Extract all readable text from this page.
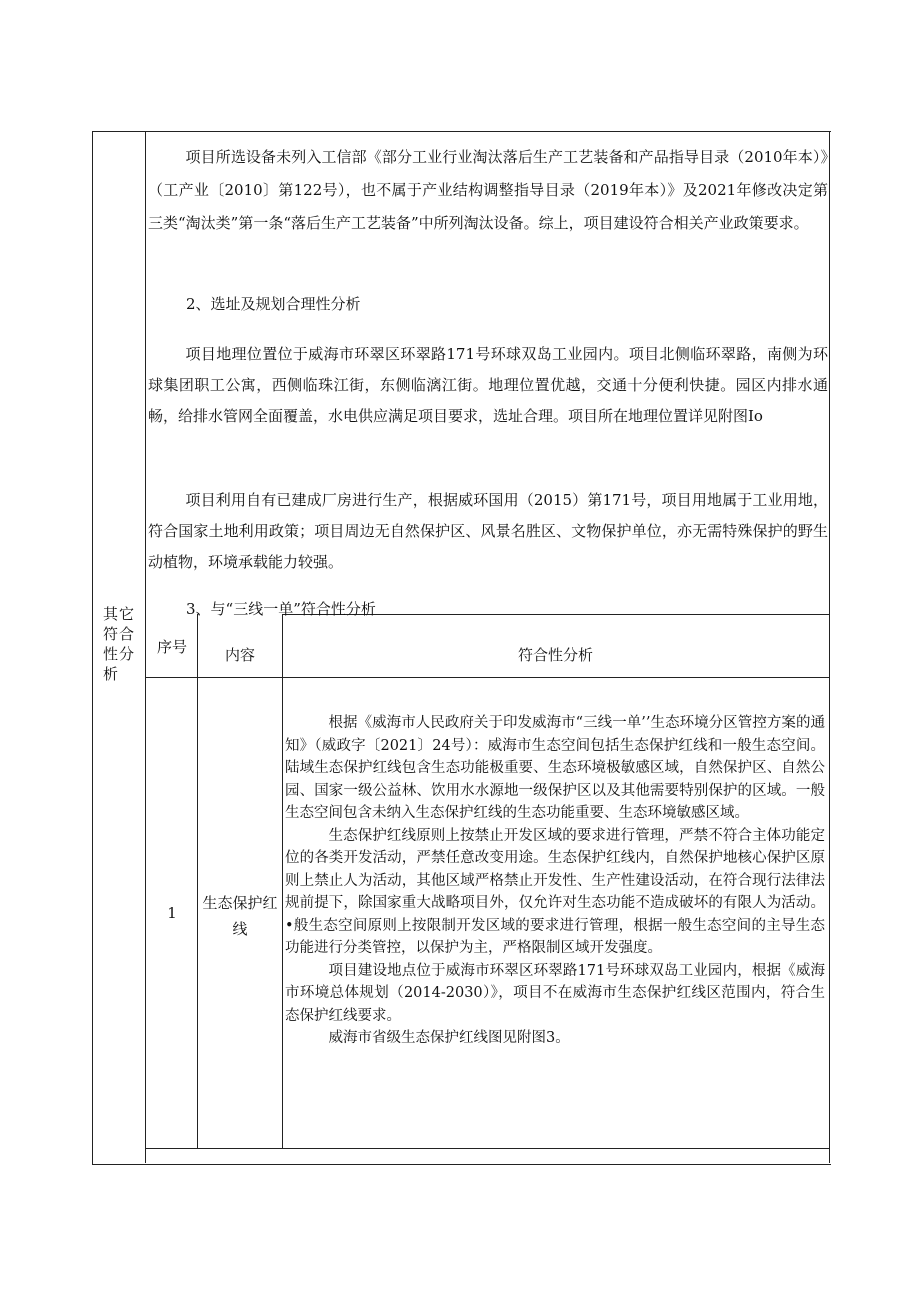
其它符合性分析

项目所选设备未列入工信部《部分工业行业淘汰落后生产工艺装备和产品指导目录（2010年本）》（工产业〔2010〕第122号），也不属于产业结构调整指导目录（2019年本）》及2021年修改决定第三类“淘汰类”第一条“落后生产工艺装备”中所列淘汰设备。综上，项目建设符合相关产业政策要求。

2、选址及规划合理性分析

项目地理位置位于威海市环翠区环翠路171号环球双岛工业园内。项目北侧临环翠路，南侧为环球集团职工公寓，西侧临珠江街，东侧临漓江街。地理位置优越，交通十分便利快捷。园区内排水通畅，给排水管网全面覆盖，水电供应满足项目要求，选址合理。项目所在地理位置详见附图Io

项目利用自有已建成厂房进行生产，根据威环国用（2015）第171号，项目用地属于工业用地，符合国家土地利用政策；项目周边无自然保护区、风景名胜区、文物保护单位，亦无需特殊保护的野生动植物，环境承载能力较强。

3、与“三线一单”符合性分析

序号	内容	符合性分析
1
生态保护红线

根据《威海市人民政府关于印发威海市“三线一单’’生态环境分区管控方案的通知》（威政字〔2021〕24号）：威海市生态空间包括生态保护红线和一般生态空间。陆域生态保护红线包含生态功能极重要、生态环境极敏感区域，自然保护区、自然公园、国家一级公益林、饮用水水源地一级保护区以及其他需要特别保护的区域。一般生态空间包含未纳入生态保护红线的生态功能重要、生态环境敏感区域。

生态保护红线原则上按禁止开发区域的要求进行管理，严禁不符合主体功能定位的各类开发活动，严禁任意改变用途。生态保护红线内，自然保护地核心保护区原则上禁止人为活动，其他区域严格禁止开发性、生产性建设活动，在符合现行法律法规前提下，除国家重大战略项目外，仅允许对生态功能不造成破坏的有限人为活动。•般生态空间原则上按限制开发区域的要求进行管理，根据一般生态空间的主导生态功能进行分类管控，以保护为主，严格限制区域开发强度。

项目建设地点位于威海市环翠区环翠路171号环球双岛工业园内，根据《威海市环境总体规划（2014-2030）》，项目不在威海市生态保护红线区范围内，符合生态保护红线要求。

威海市省级生态保护红线图见附图3。
